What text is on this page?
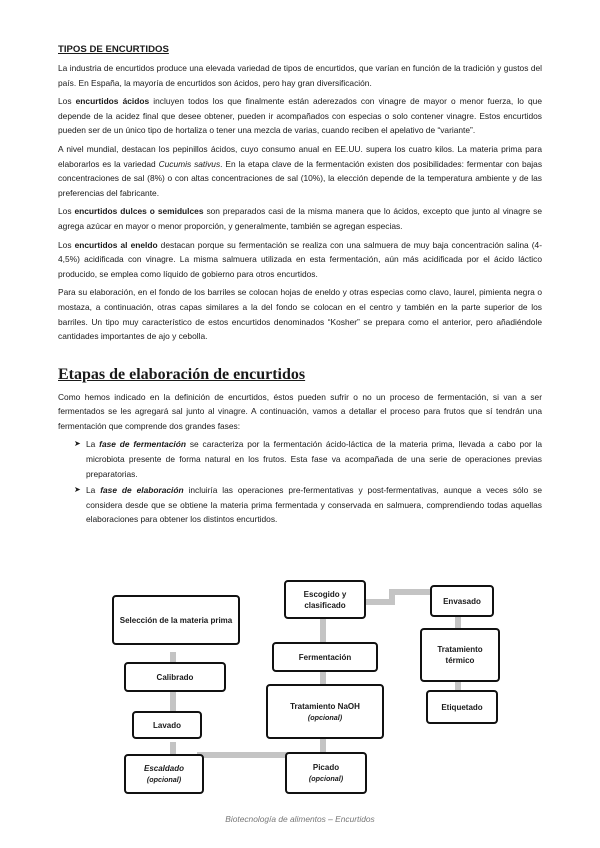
TIPOS DE ENCURTIDOS

La industria de encurtidos produce una elevada variedad de tipos de encurtidos, que varían en función de la tradición y gustos del país. En España, la mayoría de encurtidos son ácidos, pero hay gran diversificación.

Los encurtidos ácidos incluyen todos los que finalmente están aderezados con vinagre de mayor o menor fuerza, lo que depende de la acidez final que desee obtener, pueden ir acompañados con especias o solo contener vinagre. Estos encurtidos pueden ser de un único tipo de hortaliza o tener una mezcla de varias, cuando reciben el apelativo de “variante”.

A nivel mundial, destacan los pepinillos ácidos, cuyo consumo anual en EE.UU. supera los cuatro kilos. La materia prima para elaborarlos es la variedad Cucumis sativus. En la etapa clave de la fermentación existen dos posibilidades: fermentar con bajas concentraciones de sal (8%) o con altas concentraciones de sal (10%), la elección depende de la temperatura ambiente y de las preferencias del fabricante.

Los encurtidos dulces o semidulces son preparados casi de la misma manera que lo ácidos, excepto que junto al vinagre se agrega azúcar en mayor o menor proporción, y generalmente, también se agregan especias.

Los encurtidos al eneldo destacan porque su fermentación se realiza con una salmuera de muy baja concentración salina (4-4,5%) acidificada con vinagre. La misma salmuera utilizada en esta fermentación, aún más acidificada por el ácido láctico producido, se emplea como líquido de gobierno para otros encurtidos.

Para su elaboración, en el fondo de los barriles se colocan hojas de eneldo y otras especias como clavo, laurel, pimienta negra o mostaza, a continuación, otras capas similares a la del fondo se colocan en el centro y también en la parte superior de los barriles. Un tipo muy característico de estos encurtidos denominados “Kosher” se prepara como el anterior, pero añadiéndole cantidades importantes de ajo y cebolla.

Etapas de elaboración de encurtidos

Como hemos indicado en la definición de encurtidos, éstos pueden sufrir o no un proceso de fermentación, si van a ser fermentados se les agregará sal junto al vinagre. A continuación, vamos a detallar el proceso para frutos que sí tendrán una fermentación que comprende dos grandes fases:

➤ La fase de fermentación se caracteriza por la fermentación ácido-láctica de la materia prima, llevada a cabo por la microbiota presente de forma natural en los frutos. Esta fase va acompañada de una serie de operaciones previas preparatorias.
➤ La fase de elaboración incluiría las operaciones pre-fermentativas y post-fermentativas, aunque a veces sólo se considera desde que se obtiene la materia prima fermentada y conservada en salmuera, comprendiendo todas aquellas elaboraciones para obtener los distintos encurtidos.
Selección de la materia prima
Calibrado
Lavado
Escaldado
(opcional)
Escogido y clasificado
Fermentación
Tratamiento NaOH
(opcional)
Picado
(opcional)
Envasado
Tratamiento térmico
Etiquetado
Biotecnología de alimentos – Encurtidos
